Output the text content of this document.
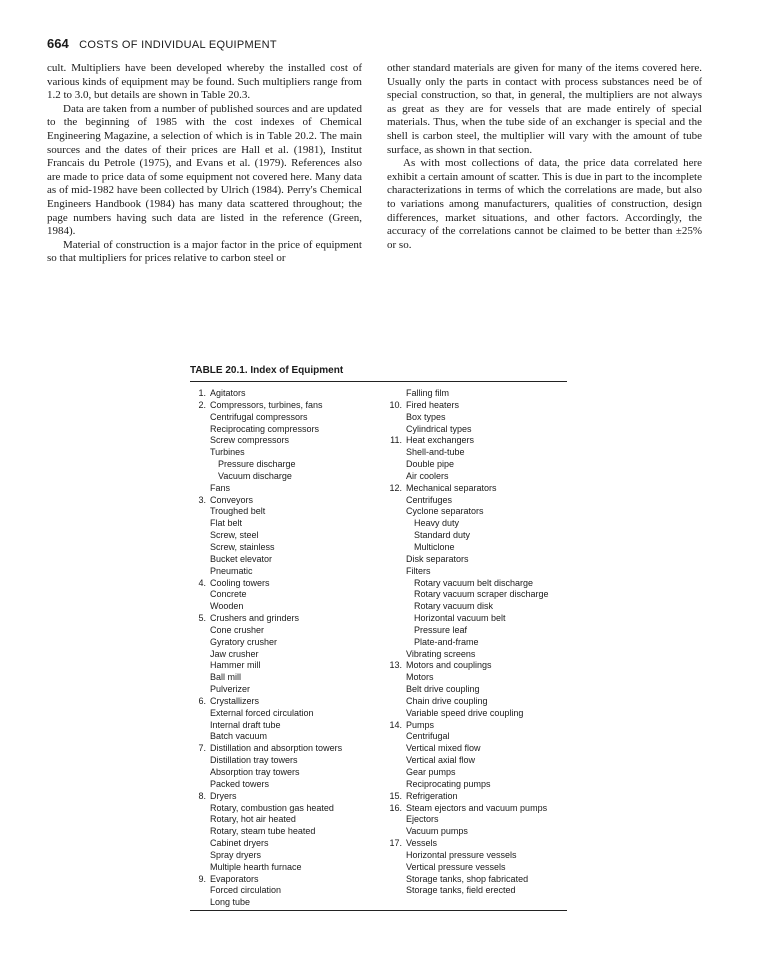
664 COSTS OF INDIVIDUAL EQUIPMENT

cult. Multipliers have been developed whereby the installed cost of various kinds of equipment may be found. Such multipliers range from 1.2 to 3.0, but details are shown in Table 20.3.

Data are taken from a number of published sources and are updated to the beginning of 1985 with the cost indexes of Chemical Engineering Magazine, a selection of which is in Table 20.2. The main sources and the dates of their prices are Hall et al. (1981), Institut Francais du Petrole (1975), and Evans et al. (1979). References also are made to price data of some equipment not covered here. Many data as of mid-1982 have been collected by Ulrich (1984). Perry's Chemical Engineers Handbook (1984) has many data scattered throughout; the page numbers having such data are listed in the reference (Green, 1984).

Material of construction is a major factor in the price of equipment so that multipliers for prices relative to carbon steel or

other standard materials are given for many of the items covered here. Usually only the parts in contact with process substances need be of special construction, so that, in general, the multipliers are not always as great as they are for vessels that are made entirely of special materials. Thus, when the tube side of an exchanger is special and the shell is carbon steel, the multiplier will vary with the amount of tube surface, as shown in that section.

As with most collections of data, the price data correlated here exhibit a certain amount of scatter. This is due in part to the incomplete characterizations in terms of which the correlations are made, but also to variations among manufacturers, qualities of construction, design differences, market situations, and other factors. Accordingly, the accuracy of the correlations cannot be claimed to be better than ±25% or so.

TABLE 20.1. Index of Equipment
1. Agitators
2. Compressors, turbines, fans
Centrifugal compressors
Reciprocating compressors
Screw compressors
Turbines
Pressure discharge
Vacuum discharge
Fans
3. Conveyors
Troughed belt
Flat belt
Screw, steel
Screw, stainless
Bucket elevator
Pneumatic
4. Cooling towers
Concrete
Wooden
5. Crushers and grinders
Cone crusher
Gyratory crusher
Jaw crusher
Hammer mill
Ball mill
Pulverizer
6. Crystallizers
External forced circulation
Internal draft tube
Batch vacuum
7. Distillation and absorption towers
Distillation tray towers
Absorption tray towers
Packed towers
8. Dryers
Rotary, combustion gas heated
Rotary, hot air heated
Rotary, steam tube heated
Cabinet dryers
Spray dryers
Multiple hearth furnace
9. Evaporators
Forced circulation
Long tube
Falling film
10. Fired heaters
Box types
Cylindrical types
11. Heat exchangers
Shell-and-tube
Double pipe
Air coolers
12. Mechanical separators
Centrifuges
Cyclone separators
Heavy duty
Standard duty
Multiclone
Disk separators
Filters
Rotary vacuum belt discharge
Rotary vacuum scraper discharge
Rotary vacuum disk
Horizontal vacuum belt
Pressure leaf
Plate-and-frame
Vibrating screens
13. Motors and couplings
Motors
Belt drive coupling
Chain drive coupling
Variable speed drive coupling
14. Pumps
Centrifugal
Vertical mixed flow
Vertical axial flow
Gear pumps
Reciprocating pumps
15. Refrigeration
16. Steam ejectors and vacuum pumps
Ejectors
Vacuum pumps
17. Vessels
Horizontal pressure vessels
Vertical pressure vessels
Storage tanks, shop fabricated
Storage tanks, field erected
